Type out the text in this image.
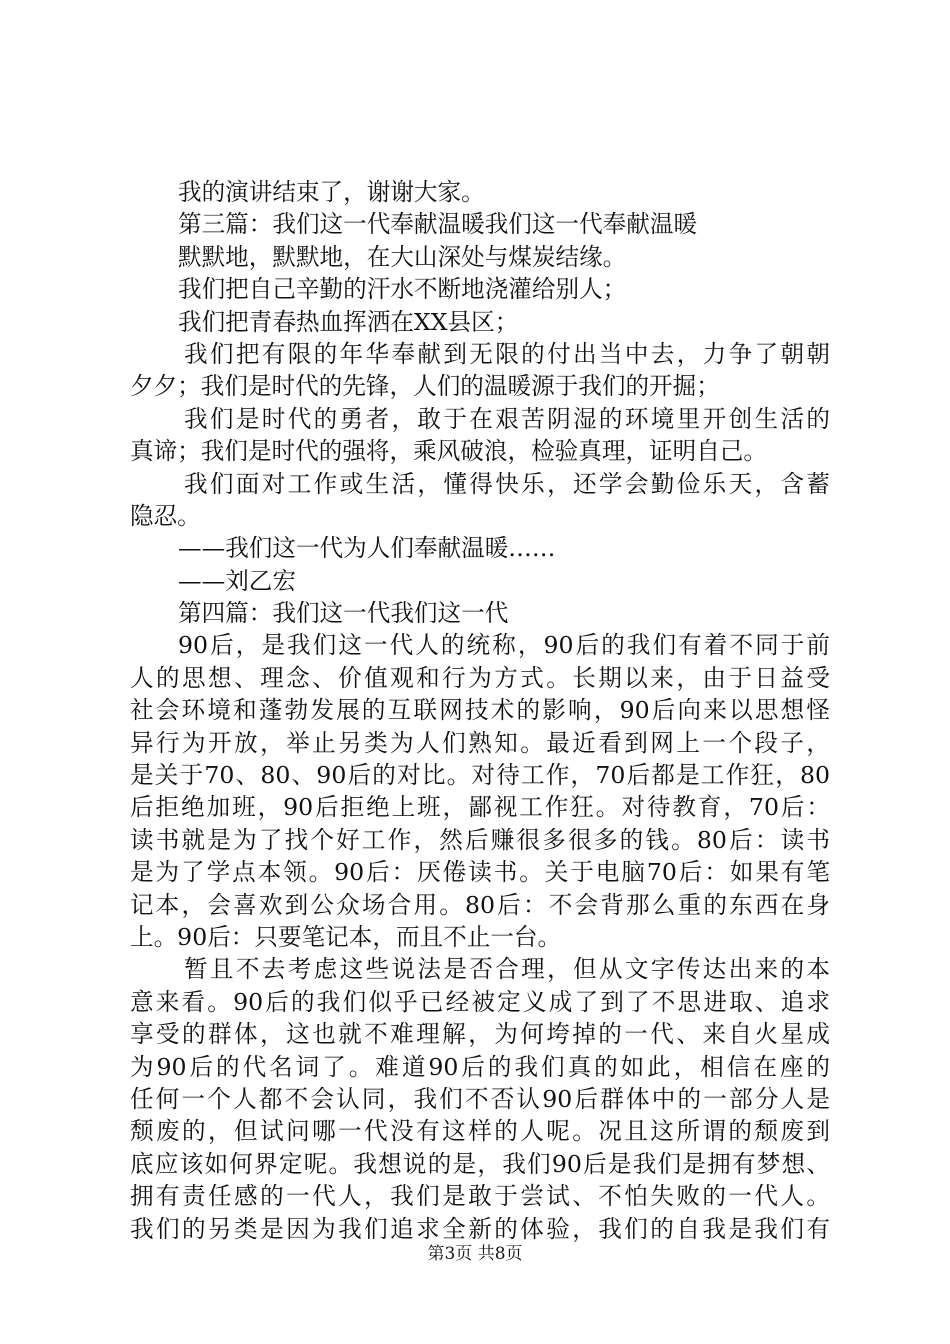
我的演讲结束了，谢谢大家。
第三篇：我们这一代奉献温暖我们这一代奉献温暖
默默地，默默地，在大山深处与煤炭结缘。
我们把自己辛勤的汗水不断地浇灌给别人；
我们把青春热血挥洒在XX县区；
我们把有限的年华奉献到无限的付出当中去，力争了朝朝
夕夕；我们是时代的先锋，人们的温暖源于我们的开掘；
我们是时代的勇者，敢于在艰苦阴湿的环境里开创生活的
真谛；我们是时代的强将，乘风破浪，检验真理，证明自己。
我们面对工作或生活，懂得快乐，还学会勤俭乐天，含蓄
隐忍。
——我们这一代为人们奉献温暖……
——刘乙宏
第四篇：我们这一代我们这一代
90后，是我们这一代人的统称，90后的我们有着不同于前
人的思想、理念、价值观和行为方式。长期以来，由于日益受
社会环境和蓬勃发展的互联网技术的影响，90后向来以思想怪
异行为开放，举止另类为人们熟知。最近看到网上一个段子，
是关于70、80、90后的对比。对待工作，70后都是工作狂，80
后拒绝加班，90后拒绝上班，鄙视工作狂。对待教育，70后：
读书就是为了找个好工作，然后赚很多很多的钱。80后：读书
是为了学点本领。90后：厌倦读书。关于电脑70后：如果有笔
记本，会喜欢到公众场合用。80后：不会背那么重的东西在身
上。90后：只要笔记本，而且不止一台。
暂且不去考虑这些说法是否合理，但从文字传达出来的本
意来看。90后的我们似乎已经被定义成了到了不思进取、追求
享受的群体，这也就不难理解，为何垮掉的一代、来自火星成
为90后的代名词了。难道90后的我们真的如此，相信在座的
任何一个人都不会认同，我们不否认90后群体中的一部分人是
颓废的，但试问哪一代没有这样的人呢。况且这所谓的颓废到
底应该如何界定呢。我想说的是，我们90后是我们是拥有梦想、
拥有责任感的一代人，我们是敢于尝试、不怕失败的一代人。
我们的另类是因为我们追求全新的体验，我们的自我是我们有
第3页 共8页
